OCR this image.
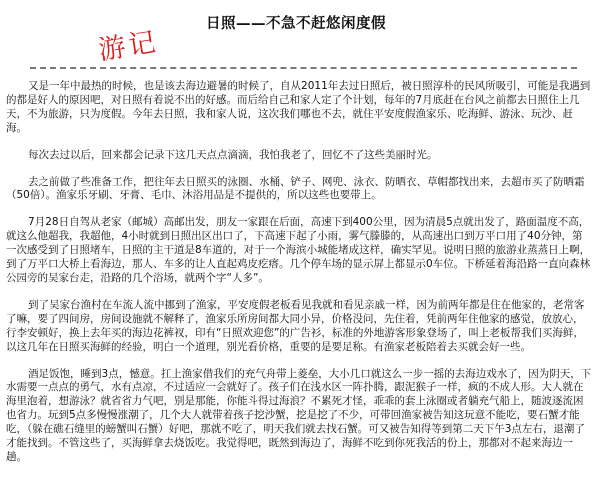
游记
日照——不急不赶悠闲度假

又是一年中最热的时候，也是该去海边避暑的时候了，自从2011年去过日照后，被日照淳朴的民风所吸引，可能是我遇到的都是好人的原因吧，对日照有着说不出的好感。而后给自己和家人定了个计划，每年的7月底赶在台风之前都去日照住上几天，不为旅游，只为度假。今年去日照，我和家人说，这次我们哪也不去，就住平安度假渔家乐、吃海鲜、游泳、玩沙、赶海。

每次去过以后，回来都会记录下这几天点点滴滴，我怕我老了，回忆不了这些美丽时光。

去之前做了些准备工作，把往年去日照买的泳圈、水桶、铲子、网兜、泳衣、防晒衣、草帽都找出来，去超市买了防晒霜（50倍）。渔家乐牙刷、牙膏、毛巾、沐浴用品是不提供的，所以这些也要带上。

7月28日自驾从老家（邮城）高邮出发，朋友一家跟在后面，高速下到400公里，因为清晨5点就出发了，路面温度不高，就这么他超我，我超他，4小时就到日照出区出口了，下高速下起了小雨，雾气滕滕的，从高速出口到万平口用了40分钟，第一次感受到了日照堵车，日照的主干道是8车道的，对于一个海滨小城能堵成这样，确实罕见。说明日照的旅游业蒸蒸日上啊，到了万平口大桥上看海边，那人、车多的让人直起鸡皮疙瘩。几个停车场的显示屏上都显示0车位。下桥延着海沿路一直向森林公园旁的吴家台走，沿路的几个浴场，就两个字“人多”。

到了吴家台渔村在车流人流中挪到了渔家，平安度假老板看见我就和看见亲戚一样，因为前两年都是住在他家的，老常客了嘛，要了四间房，房间设施就不解释了，渔家乐所房间都大同小异，价格没问，先住着，凭前两年住他家的感觉，放放心，行李安顿好，换上去年买的海边花裤衩，印有“日照欢迎您”的广告衫，标准的外地游客形象登场了，叫上老板帮我们买海鲜，以这几年在日照买海鲜的经验，明白一个道理，别光看价格，重要的是要足称。有渔家老板陪着去买就会好一些。

酒足饭饱，睡到3点，憾意。扛上渔家借我们的充气舟带上菱垒，大小几口就这么一步一摇的去海边戏水了，因为阴天，下水需要一点点的勇气，水有点凉，不过适应一会就好了。孩子们在浅水区一阵扑腾，跟泥猴子一样，疯的不成人形。大人就在海里泡着，想游泳？就省省力气吧，别是那能，你能斗得过海浪？不累死才怪，乖乖的套上泳圈或者躺充气船上，随波逐流困也省力。玩到5点多慢慢涨潮了，几个大人就带着孩子挖沙蟹，挖是挖了不少，可带回渔家被告知这玩意不能吃，要石蟹才能吃，（躲在礁石缝里的螃蟹叫石蟹）好吧，那就不吃了，明天我们就去找石蟹。可又被告知得等到第二天下午3点左右，退潮了才能找到。不管这些了，买海鲜拿去烧饭吃。我觉得吧，既然到海边了，海鲜不吃到你死我活的份上，那都对不起来海边一趟。
